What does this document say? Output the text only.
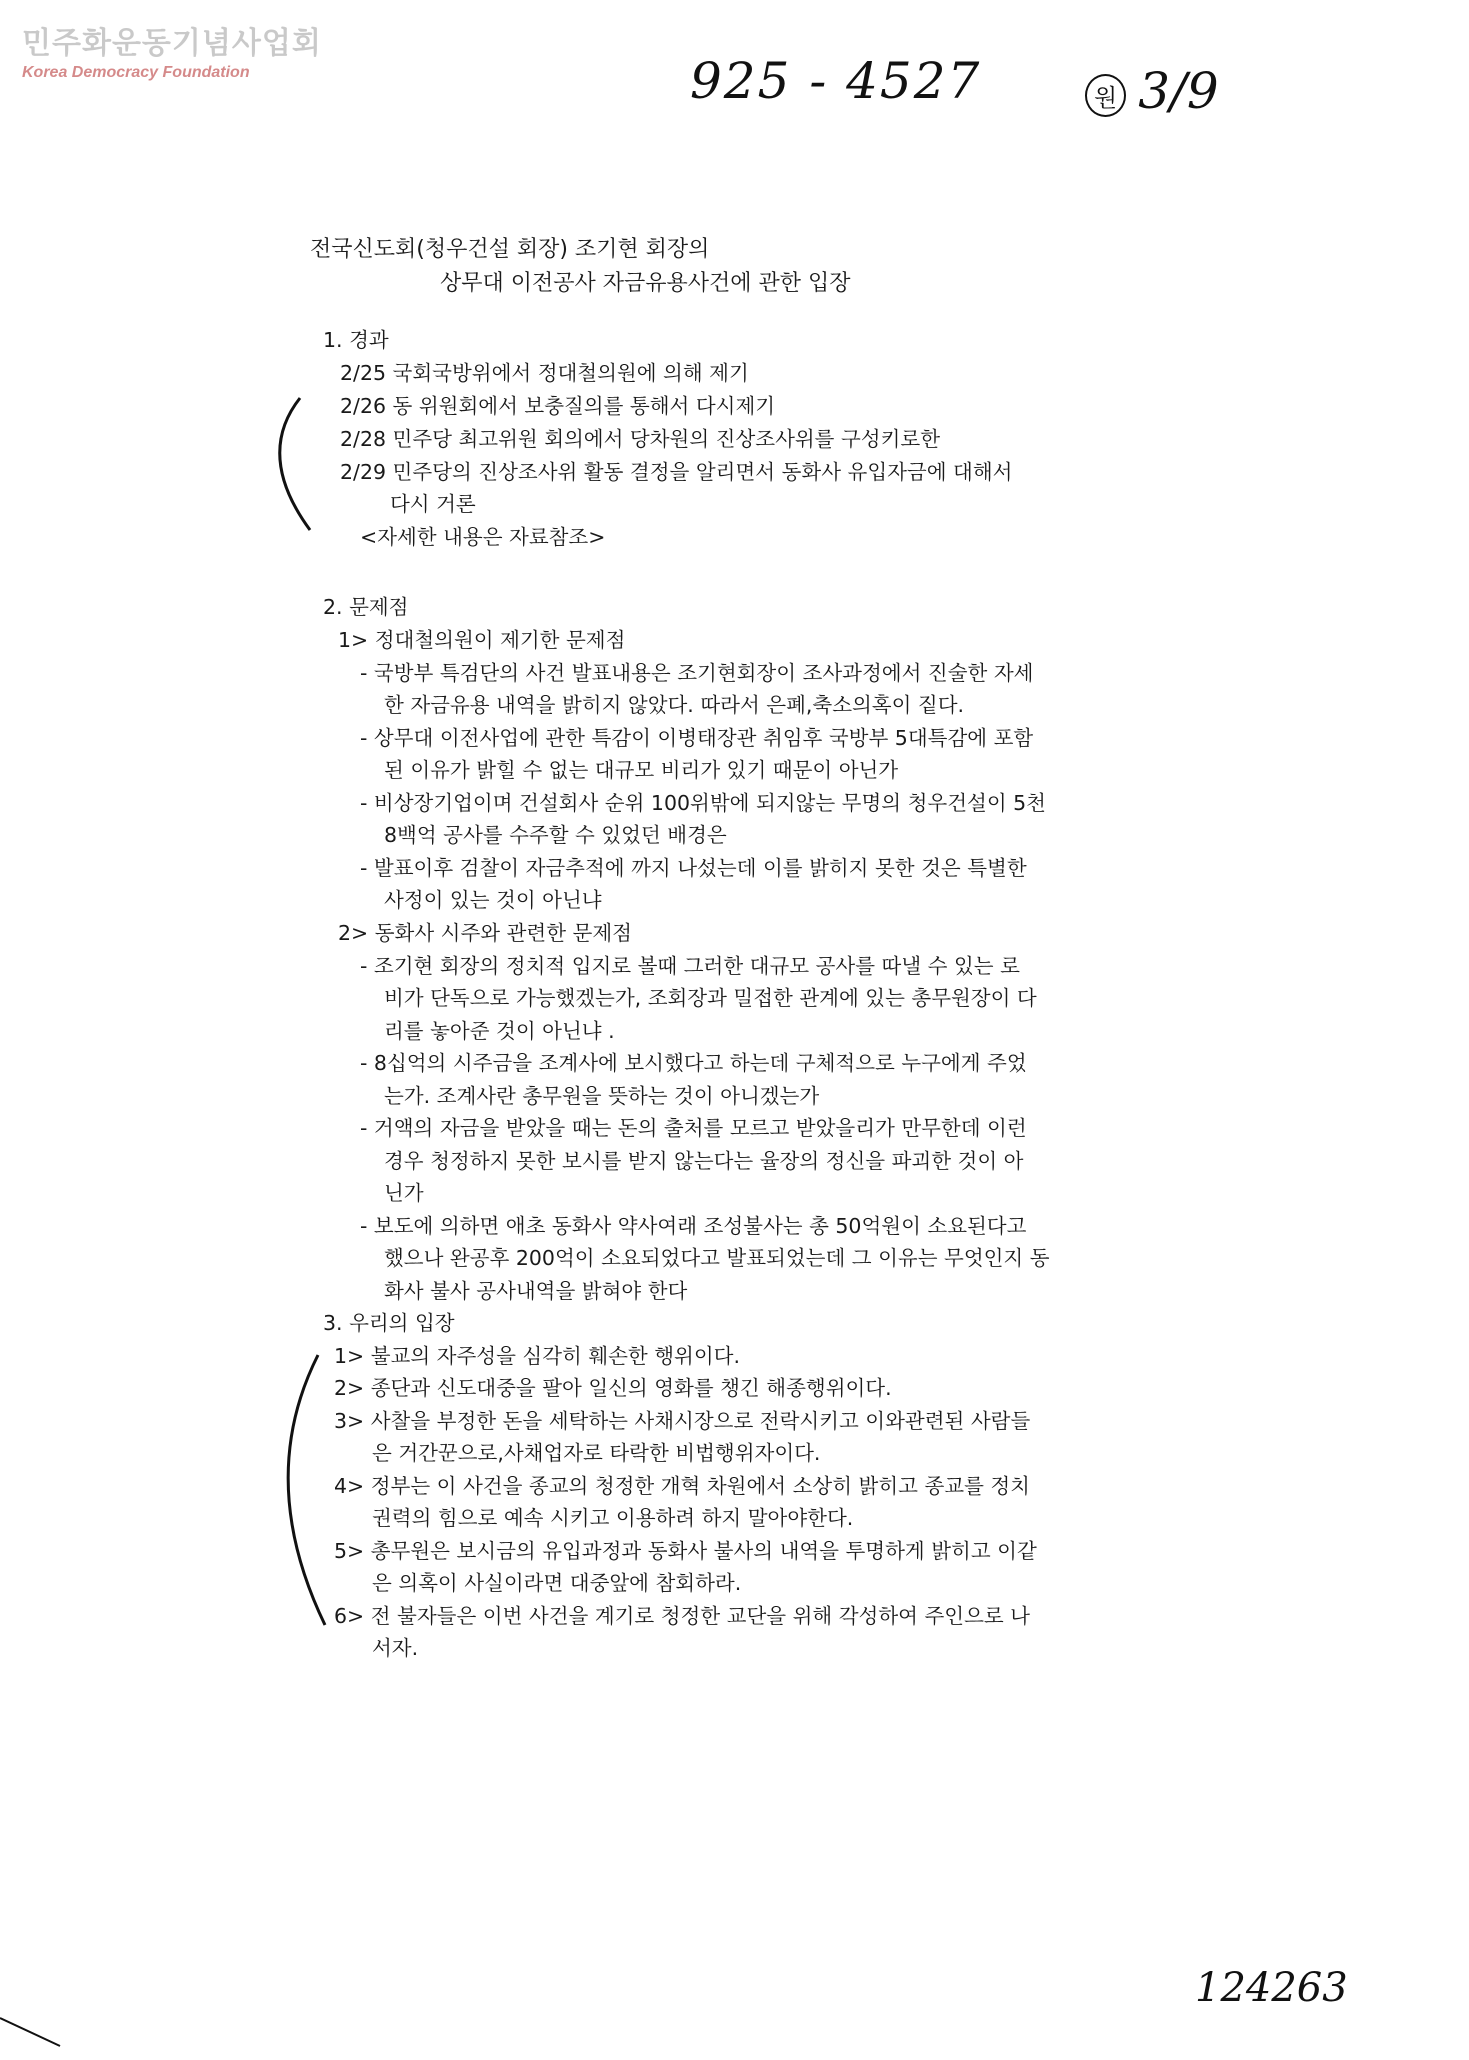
민주화운동기념사업회
Korea Democracy Foundation	925 - 4527	원 3/9
전국신도회(청우건설 회장) 조기현 회장의
상무대 이전공사 자금유용사건에 관한 입장
1. 경과
2/25 국회국방위에서 정대철의원에 의해 제기
2/26 동 위원회에서 보충질의를 통해서 다시제기
2/28 민주당 최고위원 회의에서 당차원의 진상조사위를 구성키로한
2/29 민주당의 진상조사위 활동 결정을 알리면서 동화사 유입자금에 대해서
다시 거론
<자세한 내용은 자료참조>
2. 문제점
1> 정대철의원이 제기한 문제점
- 국방부 특검단의 사건 발표내용은 조기현회장이 조사과정에서 진술한 자세
한 자금유용 내역을 밝히지 않았다. 따라서 은폐,축소의혹이 짙다.
- 상무대 이전사업에 관한 특감이 이병태장관 취임후 국방부 5대특감에 포함
된 이유가 밝힐 수 없는 대규모 비리가 있기 때문이 아닌가
- 비상장기업이며 건설회사 순위 100위밖에 되지않는 무명의 청우건설이 5천
8백억 공사를 수주할 수 있었던 배경은
- 발표이후 검찰이 자금추적에 까지 나섰는데 이를 밝히지 못한 것은 특별한
사정이 있는 것이 아닌냐
2> 동화사 시주와 관련한 문제점
- 조기현 회장의 정치적 입지로 볼때 그러한 대규모 공사를 따낼 수 있는 로
비가 단독으로 가능했겠는가, 조회장과 밀접한 관계에 있는 총무원장이 다
리를 놓아준 것이 아닌냐 .
- 8십억의 시주금을 조계사에 보시했다고 하는데 구체적으로 누구에게 주었
는가. 조계사란 총무원을 뜻하는 것이 아니겠는가
- 거액의 자금을 받았을 때는 돈의 출처를 모르고 받았을리가 만무한데 이런
경우 청정하지 못한 보시를 받지 않는다는 율장의 정신을 파괴한 것이 아
닌가
- 보도에 의하면 애초 동화사 약사여래 조성불사는 총 50억원이 소요된다고
했으나 완공후 200억이 소요되었다고 발표되었는데 그 이유는 무엇인지 동
화사 불사 공사내역을 밝혀야 한다
3. 우리의 입장
1> 불교의 자주성을 심각히 훼손한 행위이다.
2> 종단과 신도대중을 팔아 일신의 영화를 챙긴 해종행위이다.
3> 사찰을 부정한 돈을 세탁하는 사채시장으로 전락시키고 이와관련된 사람들
은 거간꾼으로,사채업자로 타락한 비법행위자이다.
4> 정부는 이 사건을 종교의 청정한 개혁 차원에서 소상히 밝히고 종교를 정치
권력의 힘으로 예속 시키고 이용하려 하지 말아야한다.
5> 총무원은 보시금의 유입과정과 동화사 불사의 내역을 투명하게 밝히고 이같
은 의혹이 사실이라면 대중앞에 참회하라.
6> 전 불자들은 이번 사건을 계기로 청정한 교단을 위해 각성하여 주인으로 나
서자.
124263
